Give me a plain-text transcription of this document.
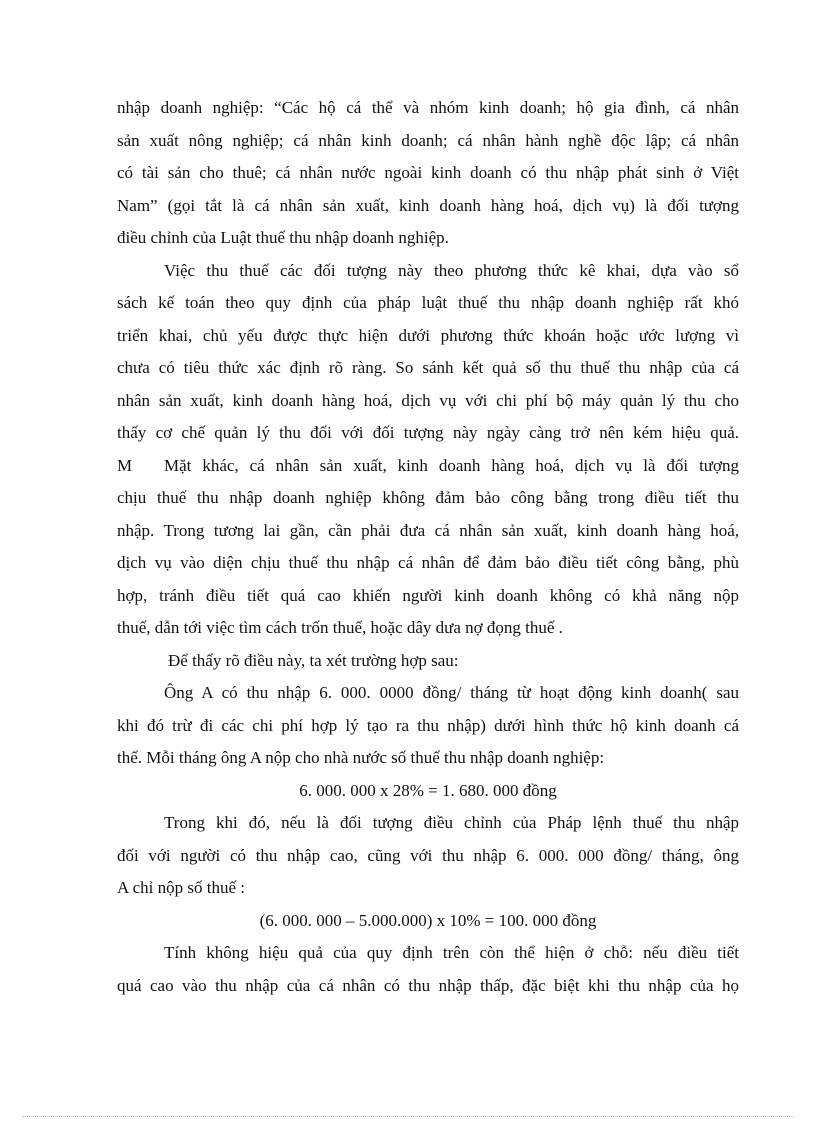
nhập doanh nghiệp: “Các hộ cá thể và nhóm kinh doanh; hộ gia đình, cá nhân
sản xuất nông nghiệp; cá nhân kinh doanh; cá nhân hành nghề độc lập; cá nhân
có tài sản cho thuê; cá nhân nước ngoài kinh doanh có thu nhập phát sinh ở Việt
Nam” (gọi tắt là cá nhân sản xuất, kinh doanh hàng hoá, dịch vụ) là đối tượng
điều chỉnh của Luật thuế thu nhập doanh nghiệp.
Việc thu thuế các đối tượng này theo phương thức kê khai, dựa vào sổ
sách kế toán theo quy định của pháp luật thuế thu nhập doanh nghiệp rất khó
triển khai, chủ yếu được thực hiện dưới phương thức khoán hoặc ước lượng vì
chưa có tiêu thức xác định rõ ràng. So sánh kết quả số thu thuế thu nhập của cá
nhân sản xuất, kinh doanh hàng hoá, dịch vụ với chi phí bộ máy quản lý thu cho
thấy cơ chế quản lý thu đối với đối tượng này ngày càng trở nên kém hiệu quả.
M	Mặt khác, cá nhân sản xuất, kinh doanh hàng hoá, dịch vụ là đối tượng
chịu thuế thu nhập doanh nghiệp không đảm bảo công bằng trong điều tiết thu
nhập. Trong tương lai gần, cần phải đưa cá nhân sản xuất, kinh doanh hàng hoá,
dịch vụ vào diện chịu thuế thu nhập cá nhân để đảm bảo điều tiết công bằng, phù
hợp, tránh điều tiết quá cao khiến người kinh doanh không có khả năng nộp
thuế, dẫn tới việc tìm cách trốn thuế, hoặc dây dưa nợ đọng thuế .
Để thấy rõ điều này, ta xét trường hợp sau:
Ông A có thu nhập 6. 000. 0000 đồng/ tháng từ hoạt động kinh doanh( sau
khi đó trừ đi các chi phí hợp lý tạo ra thu nhập) dưới hình thức hộ kinh doanh cá
thể. Mỗi tháng ông A nộp cho nhà nước số thuế thu nhập doanh nghiệp:
6. 000. 000 x 28% = 1. 680. 000 đồng
Trong khi đó, nếu là đối tượng điều chỉnh của Pháp lệnh thuế thu nhập
đối với người có thu nhập cao, cũng với thu nhập 6. 000. 000 đồng/ tháng, ông
A chỉ nộp số thuế :
(6. 000. 000 – 5.000.000) x 10% = 100. 000 đồng
Tính không hiệu quả của quy định trên còn thể hiện ở chỗ: nếu điều tiết
quá cao vào thu nhập của cá nhân có thu nhập thấp, đặc biệt khi thu nhập của họ
